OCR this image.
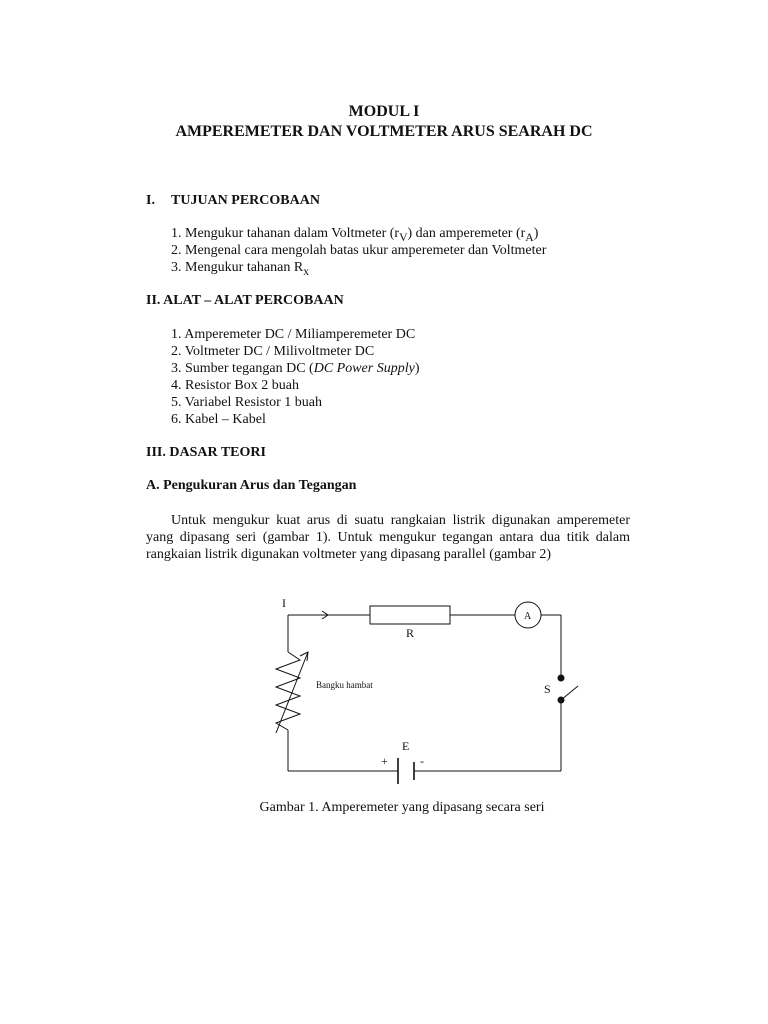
MODUL I
AMPEREMETER DAN VOLTMETER ARUS SEARAH DC
I. TUJUAN PERCOBAAN
1. Mengukur tahanan dalam Voltmeter $(r_V)$ dan amperemeter $(r_A)$
2. Mengenal cara mengolah batas ukur amperemeter dan Voltmeter
3. Mengukur tahanan $R_x$
II. ALAT – ALAT PERCOBAAN
1. Amperemeter DC / Miliamperemeter DC
2. Voltmeter DC / Milivoltmeter DC
3. Sumber tegangan DC (DC Power Supply)
4. Resistor Box 2 buah
5. Variabel Resistor 1 buah
6. Kabel – Kabel
III. DASAR TEORI
A. Pengukuran Arus dan Tegangan
Untuk mengukur kuat arus di suatu rangkaian listrik digunakan amperemeter
yang dipasang seri (gambar 1). Untuk mengukur tegangan antara dua titik dalam
rangkaian listrik digunakan voltmeter yang dipasang parallel (gambar 2)
I
R
A
S
E
+	-
Bangku hambat
Gambar 1. Amperemeter yang dipasang secara seri
